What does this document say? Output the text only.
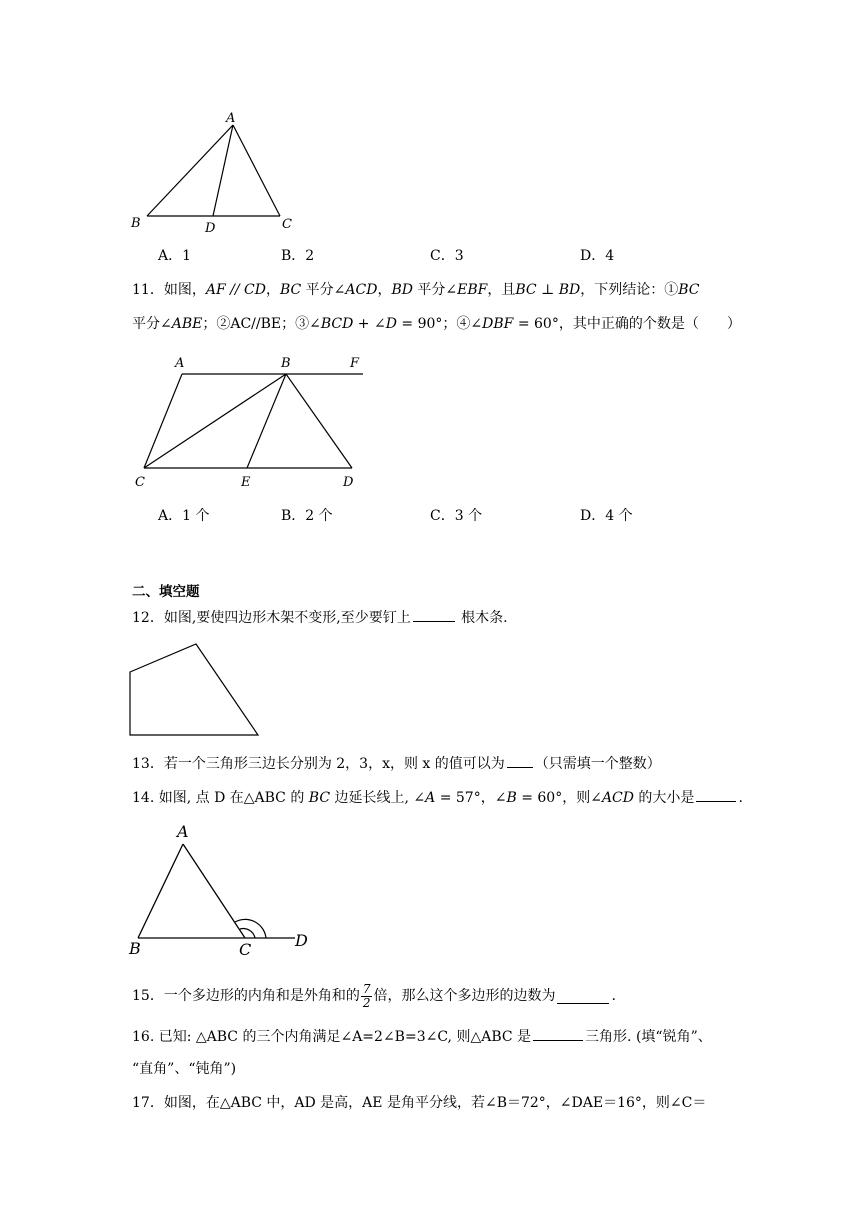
A
B	D	C
A．1	B．2	C．3	D．4
11．如图，AF // CD，BC 平分∠ACD，BD 平分∠EBF，且BC ⊥ BD，下列结论：①BC
平分∠ABE；②AC//BE；③∠BCD + ∠D = 90°；④∠DBF = 60°，其中正确的个数是（　　）
A	B	F
C	E	D
A．1 个	B．2 个	C．3 个	D．4 个
二、填空题
12．如图,要使四边形木架不变形,至少要钉上	根木条.
13．若一个三角形三边长分别为 2，3，x，则 x 的值可以为 （只需填一个整数）
14. 如图, 点 D 在△ABC 的 BC 边延长线上, ∠A = 57°，∠B = 60°，则∠ACD 的大小是	.
A
B	C	D
15．一个多边形的内角和是外角和的 $\frac{7}{2}$ 倍，那么这个多边形的边数为	.
16. 已知: △ABC 的三个内角满足∠A=2∠B=3∠C, 则△ABC 是	三角形. (填“锐角”、
“直角”、“钝角”)
17．如图，在△ABC 中，AD 是高，AE 是角平分线，若∠B＝72°，∠DAE＝16°，则∠C＝
